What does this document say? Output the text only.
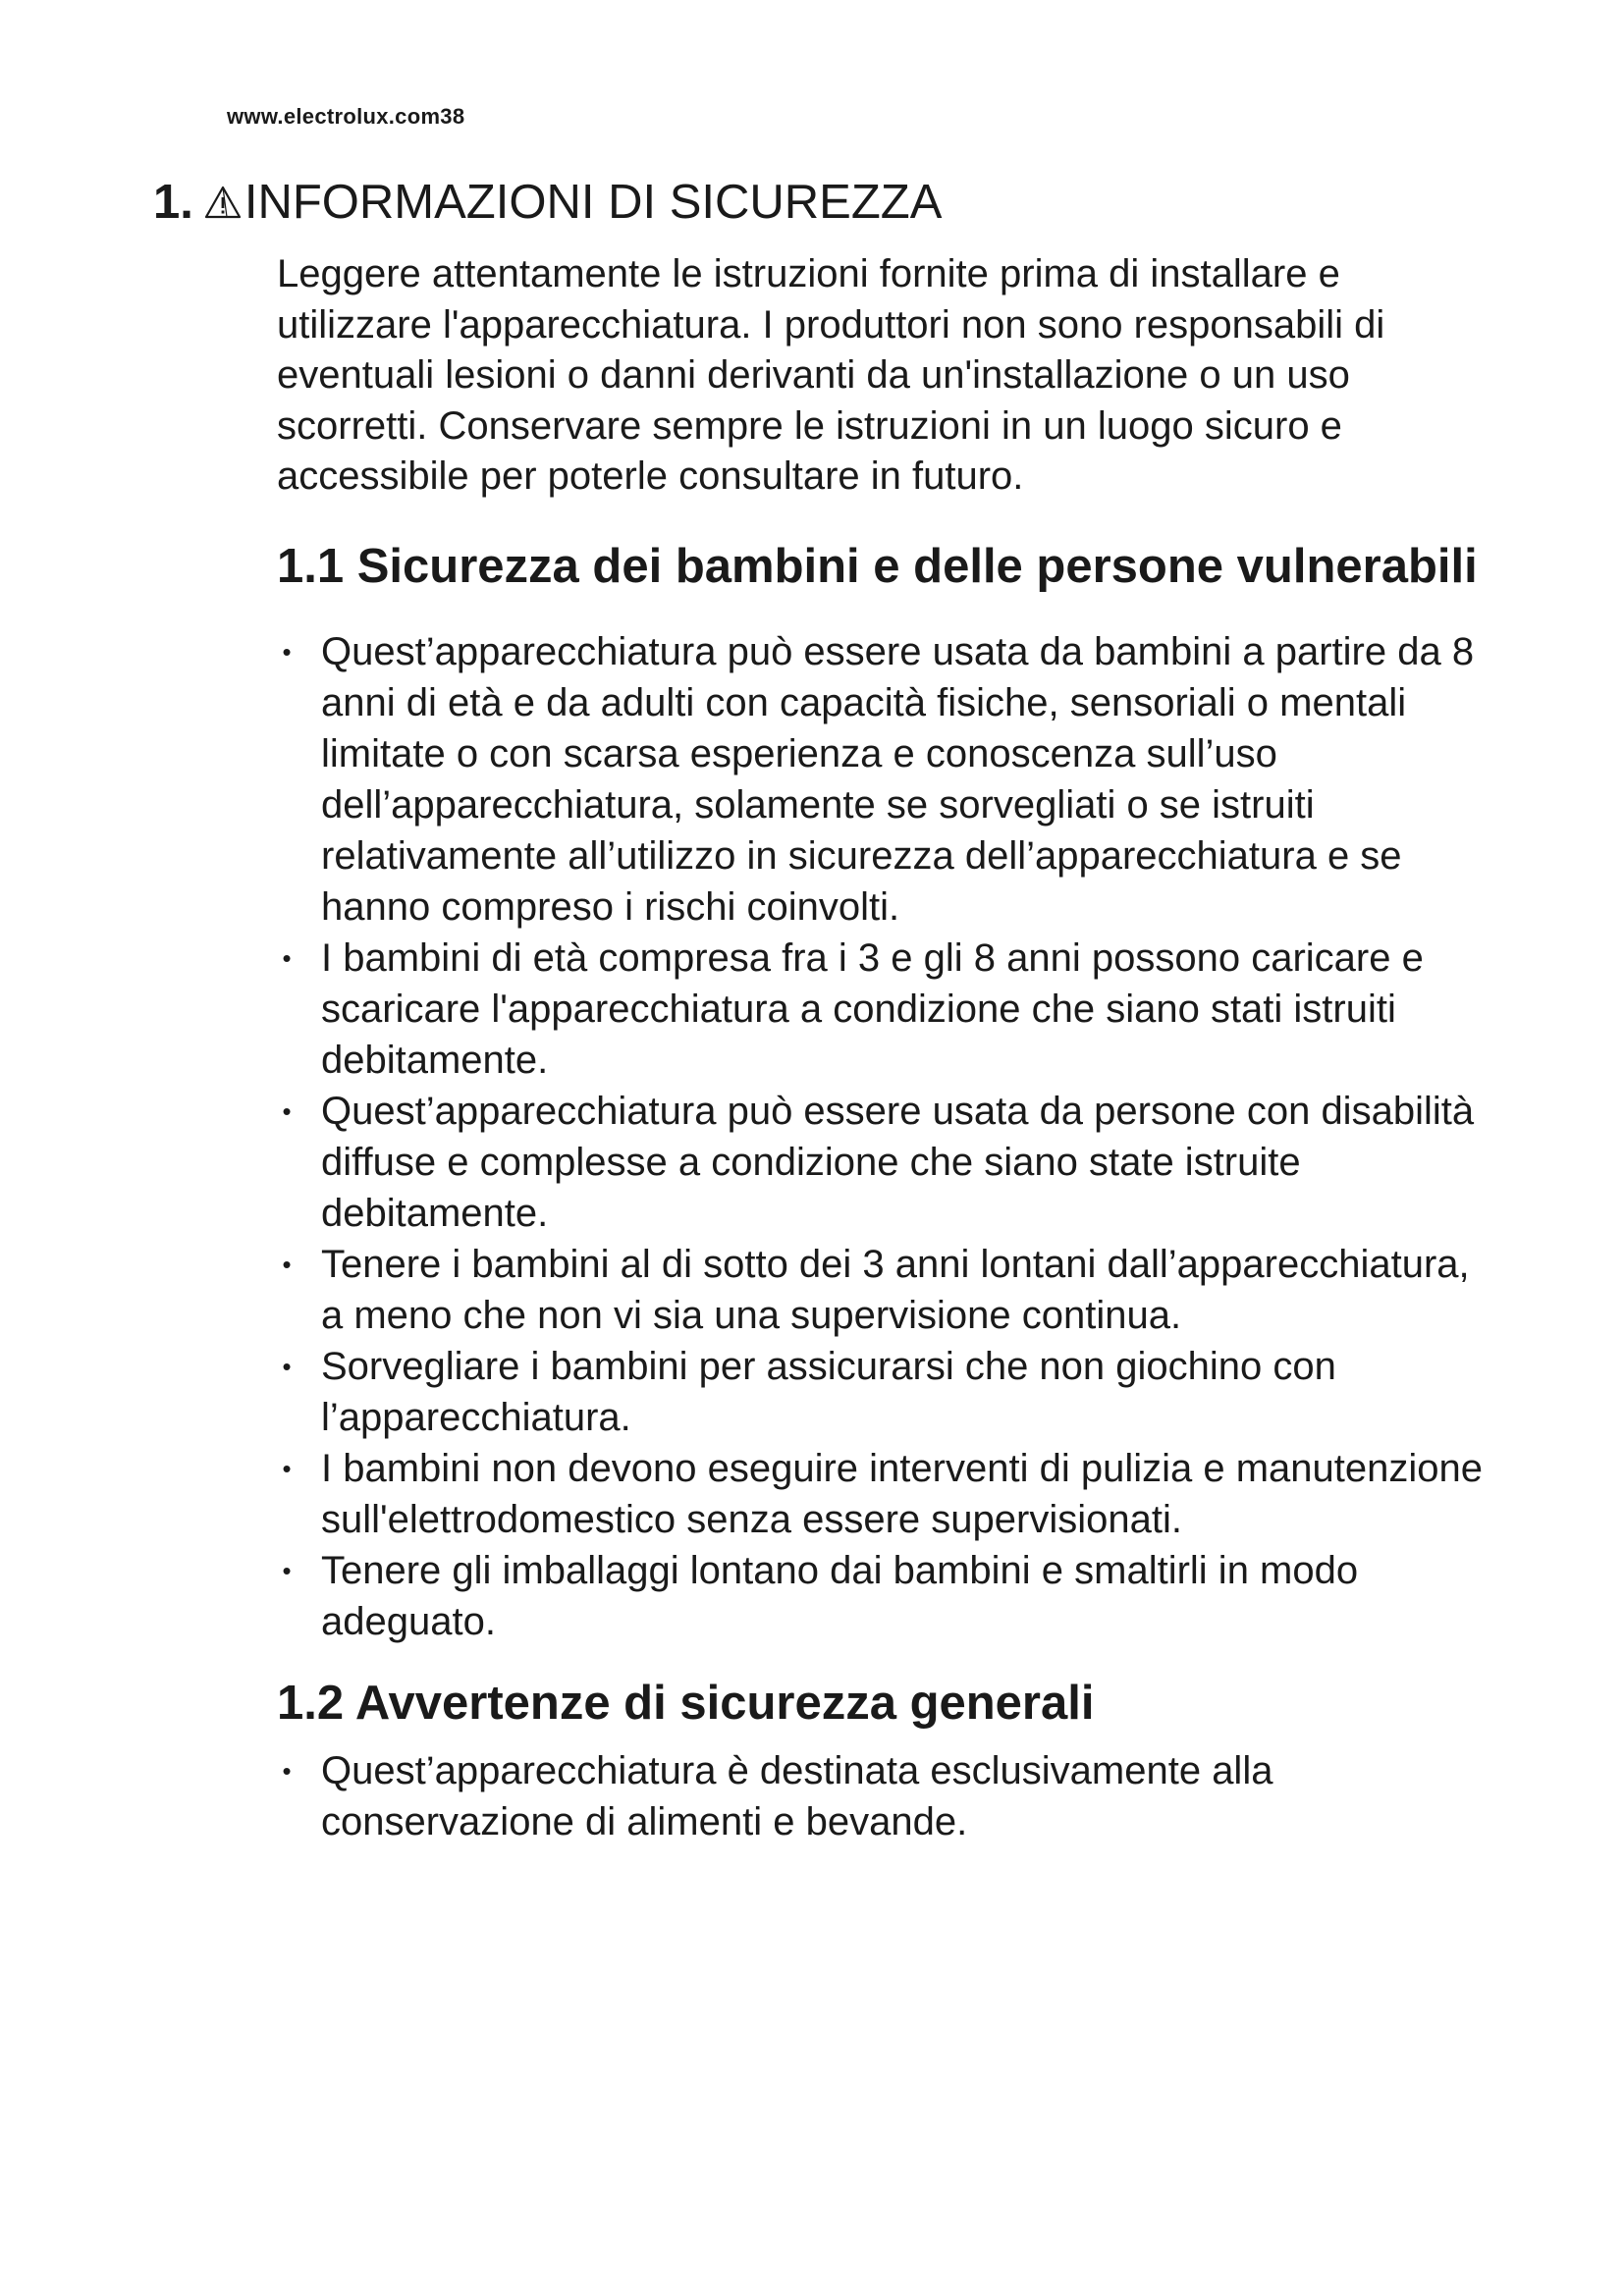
www.electrolux.com38
1. INFORMAZIONI DI SICUREZZA

Leggere attentamente le istruzioni fornite prima di installare e utilizzare l'apparecchiatura. I produttori non sono responsabili di eventuali lesioni o danni derivanti da un'installazione o un uso scorretti. Conservare sempre le istruzioni in un luogo sicuro e accessibile per poterle consultare in futuro.

1.1 Sicurezza dei bambini e delle persone vulnerabili
• Quest’apparecchiatura può essere usata da bambini a partire da 8 anni di età e da adulti con capacità fisiche, sensoriali o mentali limitate o con scarsa esperienza e conoscenza sull’uso dell’apparecchiatura, solamente se sorvegliati o se istruiti relativamente all’utilizzo in sicurezza dell’apparecchiatura e se hanno compreso i rischi coinvolti.
• I bambini di età compresa fra i 3 e gli 8 anni possono caricare e scaricare l'apparecchiatura a condizione che siano stati istruiti debitamente.
• Quest’apparecchiatura può essere usata da persone con disabilità diffuse e complesse a condizione che siano state istruite debitamente.
• Tenere i bambini al di sotto dei 3 anni lontani dall’apparecchiatura, a meno che non vi sia una supervisione continua.
• Sorvegliare i bambini per assicurarsi che non giochino con l’apparecchiatura.
• I bambini non devono eseguire interventi di pulizia e manutenzione sull'elettrodomestico senza essere supervisionati.
• Tenere gli imballaggi lontano dai bambini e smaltirli in modo adeguato.
1.2 Avvertenze di sicurezza generali
• Quest’apparecchiatura è destinata esclusivamente alla conservazione di alimenti e bevande.
